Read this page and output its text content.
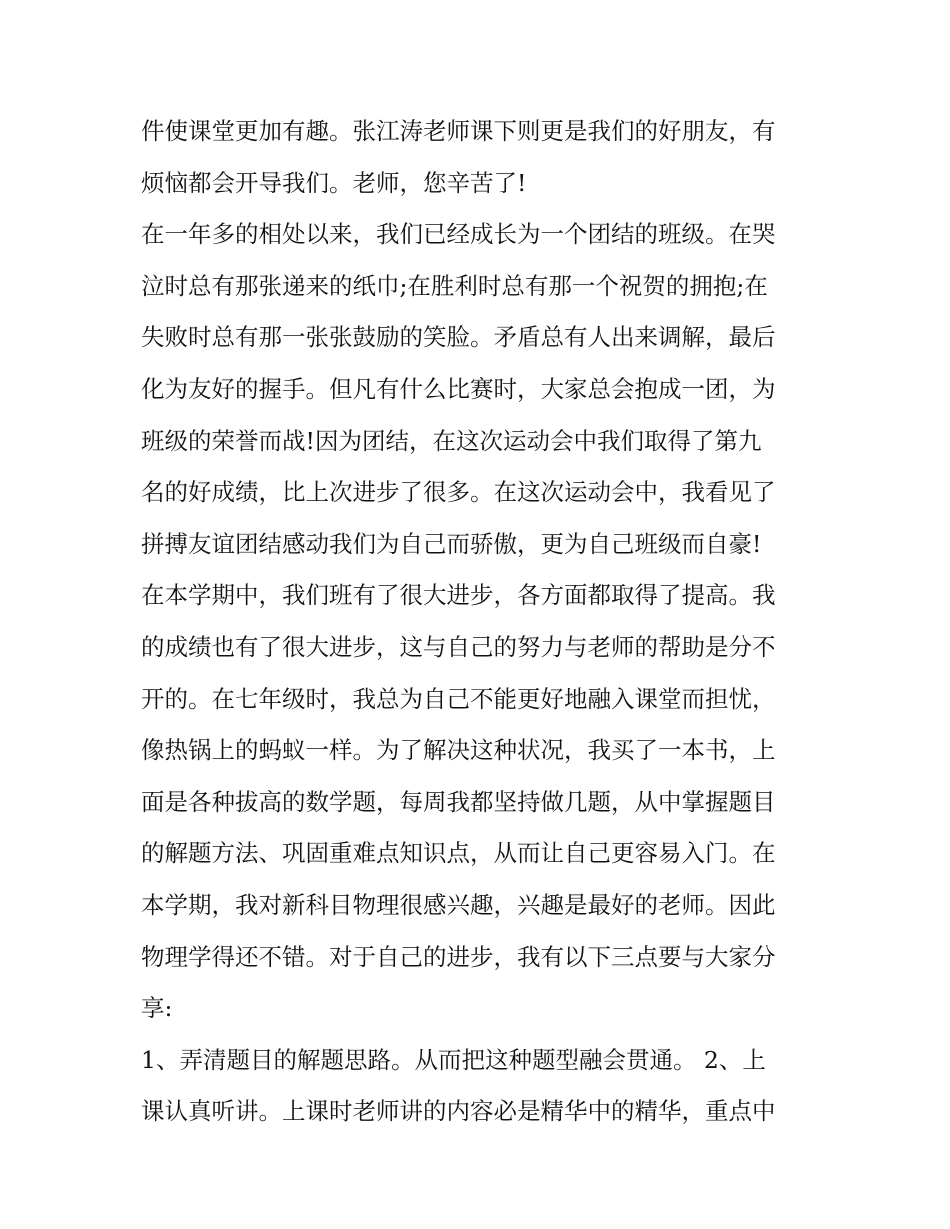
件使课堂更加有趣。张江涛老师课下则更是我们的好朋友，有
烦恼都会开导我们。老师，您辛苦了!
在一年多的相处以来，我们已经成长为一个团结的班级。在哭
泣时总有那张递来的纸巾;在胜利时总有那一个祝贺的拥抱;在
失败时总有那一张张鼓励的笑脸。矛盾总有人出来调解，最后
化为友好的握手。但凡有什么比赛时，大家总会抱成一团，为
班级的荣誉而战!因为团结，在这次运动会中我们取得了第九
名的好成绩，比上次进步了很多。在这次运动会中，我看见了
拼搏友谊团结感动我们为自己而骄傲，更为自己班级而自豪!
在本学期中，我们班有了很大进步，各方面都取得了提高。我
的成绩也有了很大进步，这与自己的努力与老师的帮助是分不
开的。在七年级时，我总为自己不能更好地融入课堂而担忧，
像热锅上的蚂蚁一样。为了解决这种状况，我买了一本书，上
面是各种拔高的数学题，每周我都坚持做几题，从中掌握题目
的解题方法、巩固重难点知识点，从而让自己更容易入门。在
本学期，我对新科目物理很感兴趣，兴趣是最好的老师。因此
物理学得还不错。对于自己的进步，我有以下三点要与大家分
享:
1、弄清题目的解题思路。从而把这种题型融会贯通。 2、上
课认真听讲。上课时老师讲的内容必是精华中的精华，重点中
